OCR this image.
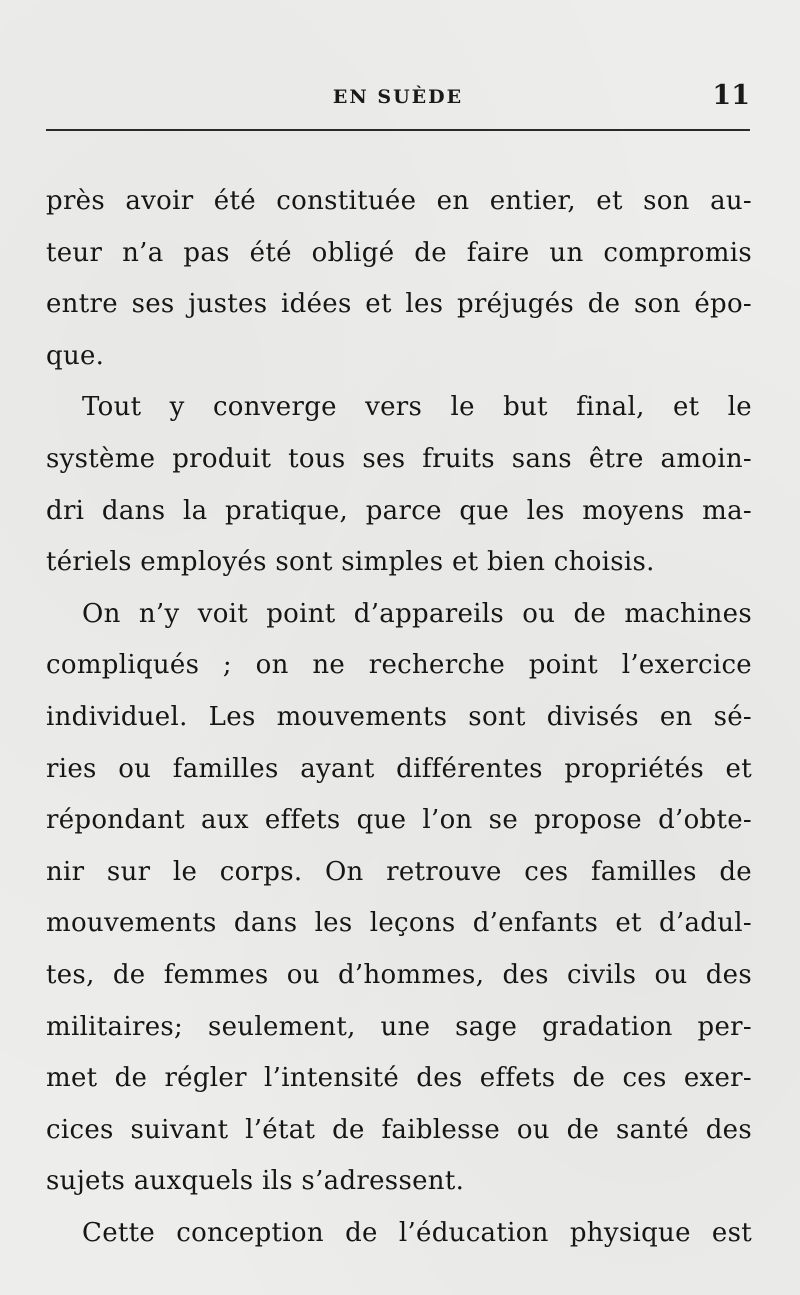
EN SUÈDE	11

près avoir été constituée en entier, et son au-

teur n’a pas été obligé de faire un compromis

entre ses justes idées et les préjugés de son épo-

que.

Tout y converge vers le but final, et le

système produit tous ses fruits sans être amoin-

dri dans la pratique, parce que les moyens ma-

tériels employés sont simples et bien choisis.

On n’y voit point d’appareils ou de machines

compliqués ; on ne recherche point l’exercice

individuel. Les mouvements sont divisés en sé-

ries ou familles ayant différentes propriétés et

répondant aux effets que l’on se propose d’obte-

nir sur le corps. On retrouve ces familles de

mouvements dans les leçons d’enfants et d’adul-

tes, de femmes ou d’hommes, des civils ou des

militaires; seulement, une sage gradation per-

met de régler l’intensité des effets de ces exer-

cices suivant l’état de faiblesse ou de santé des

sujets auxquels ils s’adressent.

Cette conception de l’éducation physique est
